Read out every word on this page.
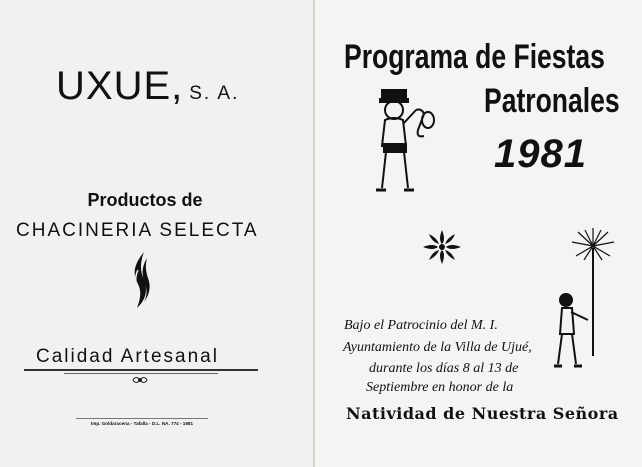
UXUE, S. A.
Productos de
CHACINERIA SELECTA
Calidad Artesanal
Imp. Goldaracena - Tafalla - D.L. NA. 774 - 1981
Programa de Fiestas
Patronales
1981
Bajo el Patrocinio del M. I.
Ayuntamiento de la Villa de Ujué,
durante los días 8 al 13 de
Septiembre en honor de la
Natividad de Nuestra Señora
